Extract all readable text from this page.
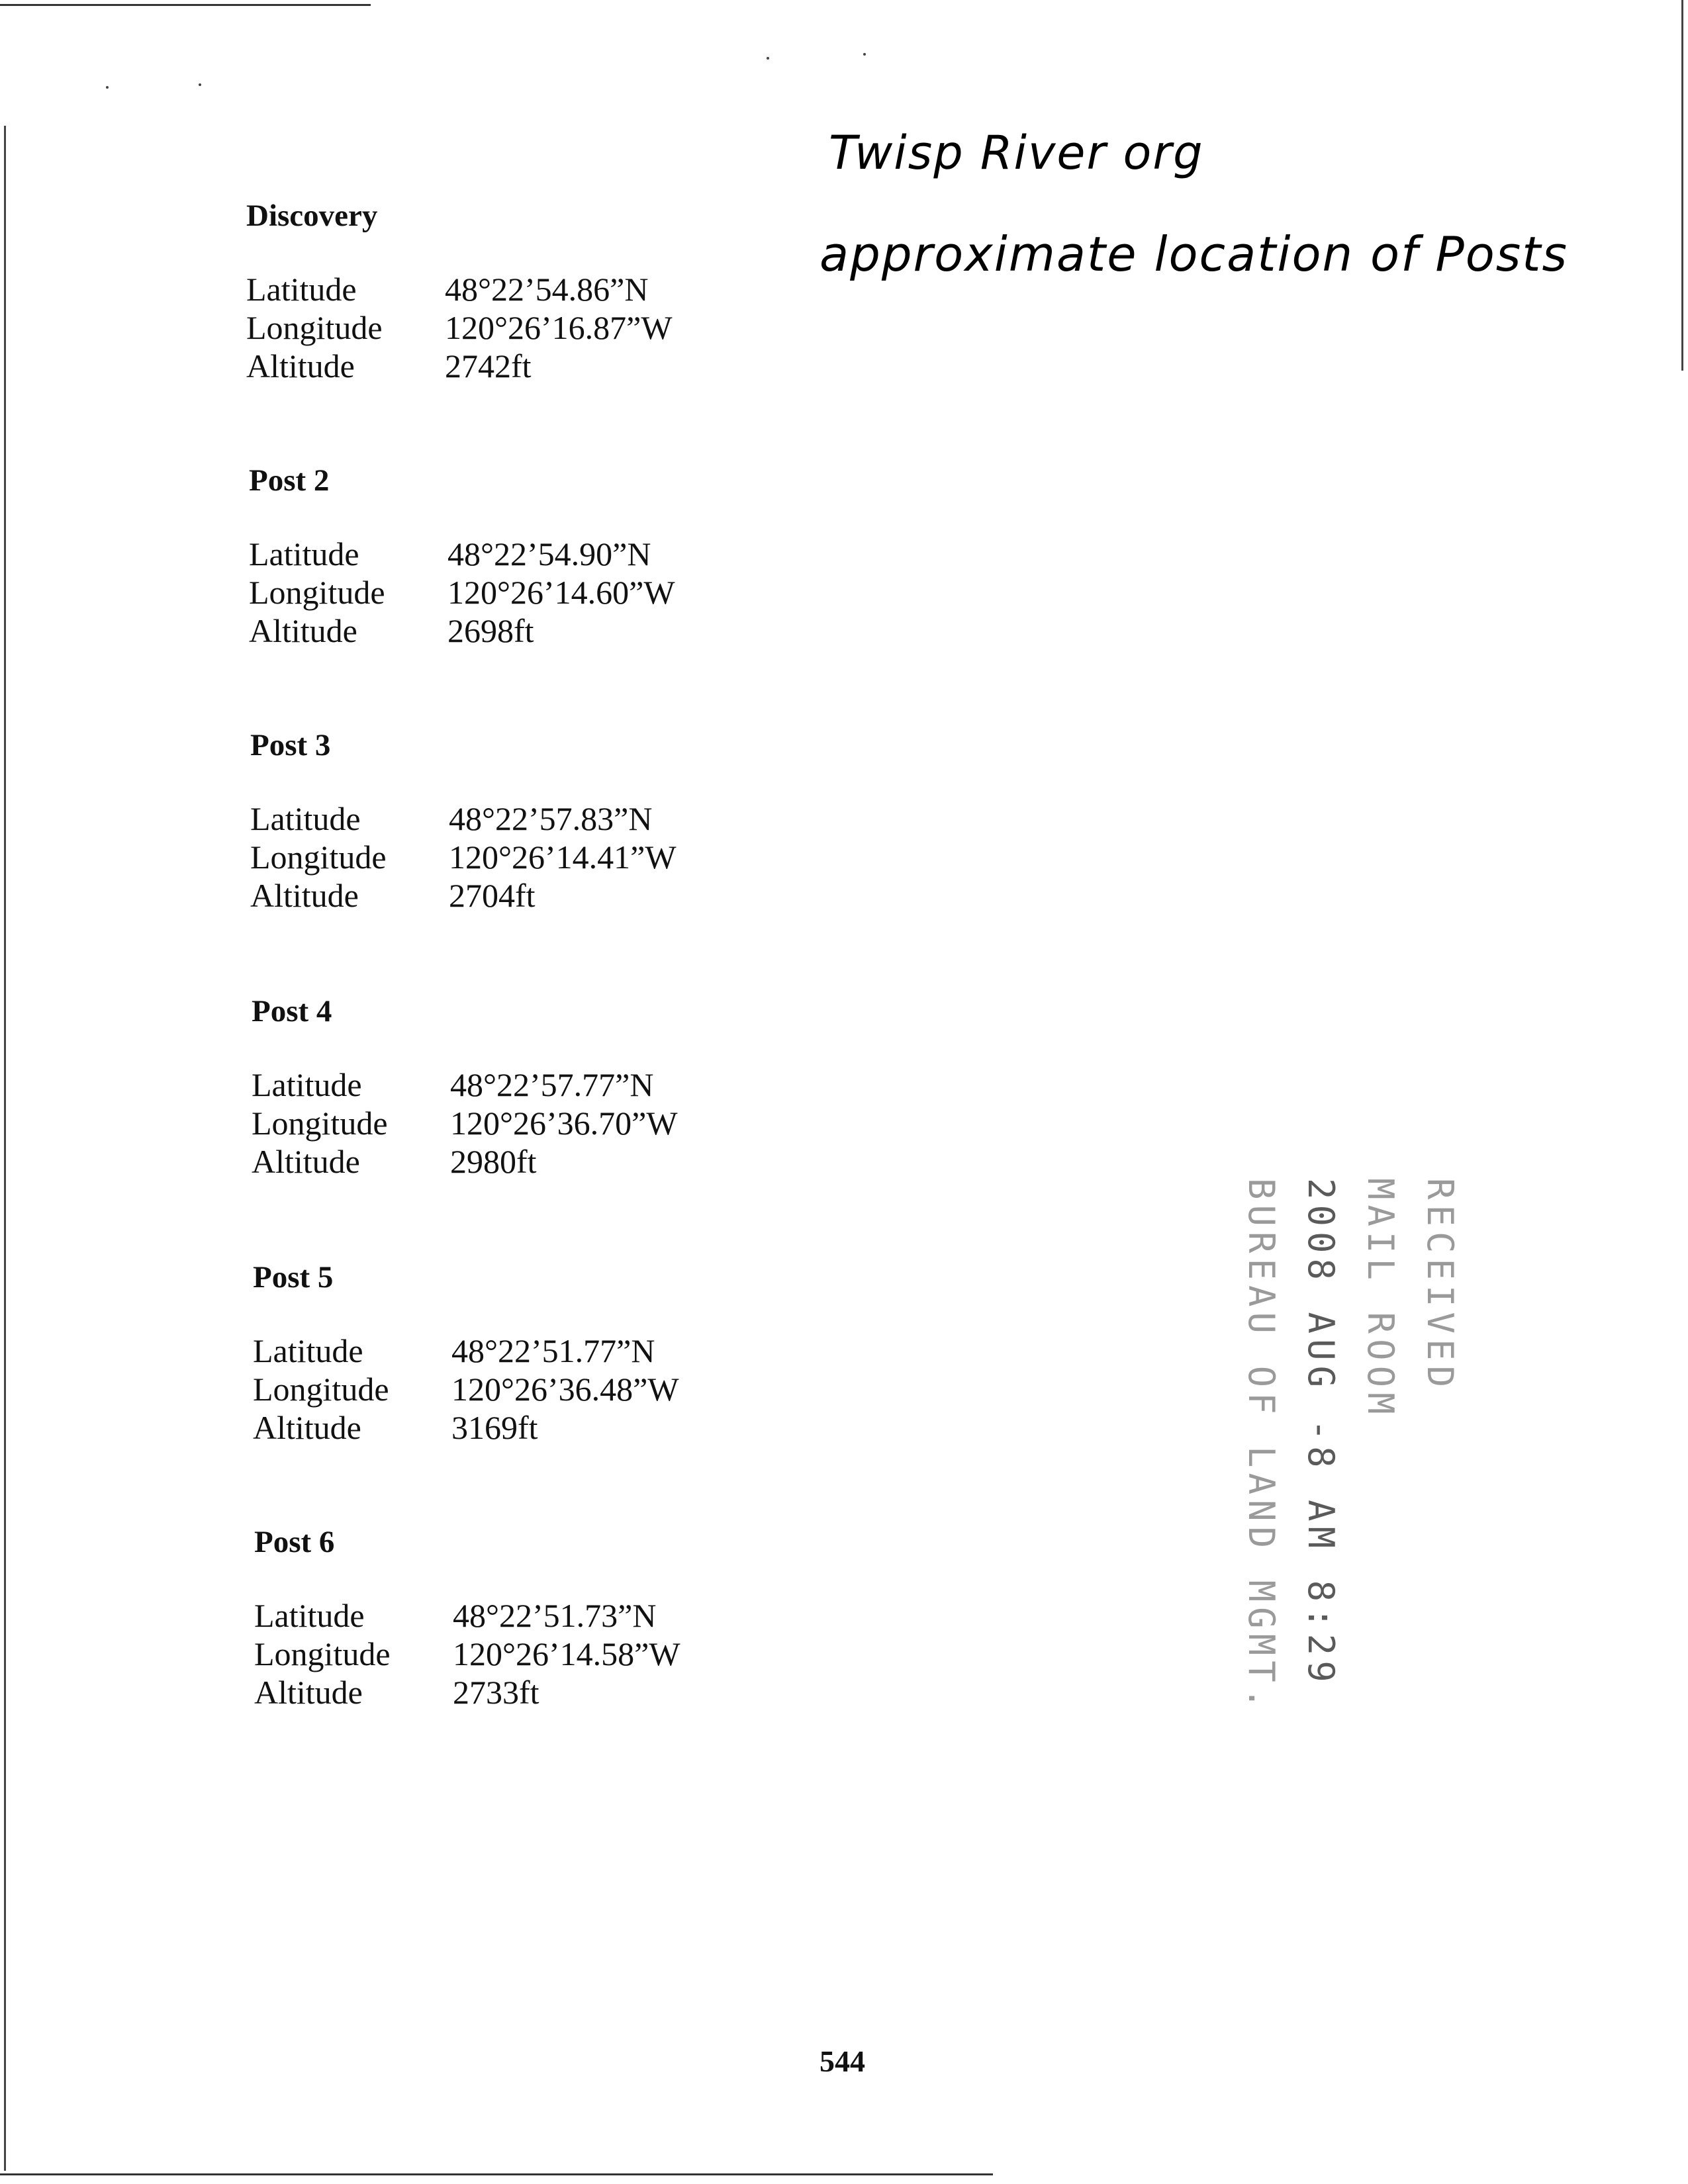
Twisp River org
approximate location of Posts
Discovery
Latitude	48°22’54.86”N
Longitude	120°26’16.87”W
Altitude	2742ft
Post 2
Latitude	48°22’54.90”N
Longitude	120°26’14.60”W
Altitude	2698ft
Post 3
Latitude	48°22’57.83”N
Longitude	120°26’14.41”W
Altitude	2704ft
Post 4
Latitude	48°22’57.77”N
Longitude	120°26’36.70”W
Altitude	2980ft
Post 5
Latitude	48°22’51.77”N
Longitude	120°26’36.48”W
Altitude	3169ft
Post 6
Latitude	48°22’51.73”N
Longitude	120°26’14.58”W
Altitude	2733ft
RECEIVED
MAIL ROOM
2008 AUG -8 AM 8:29
BUREAU OF LAND MGMT.
544
